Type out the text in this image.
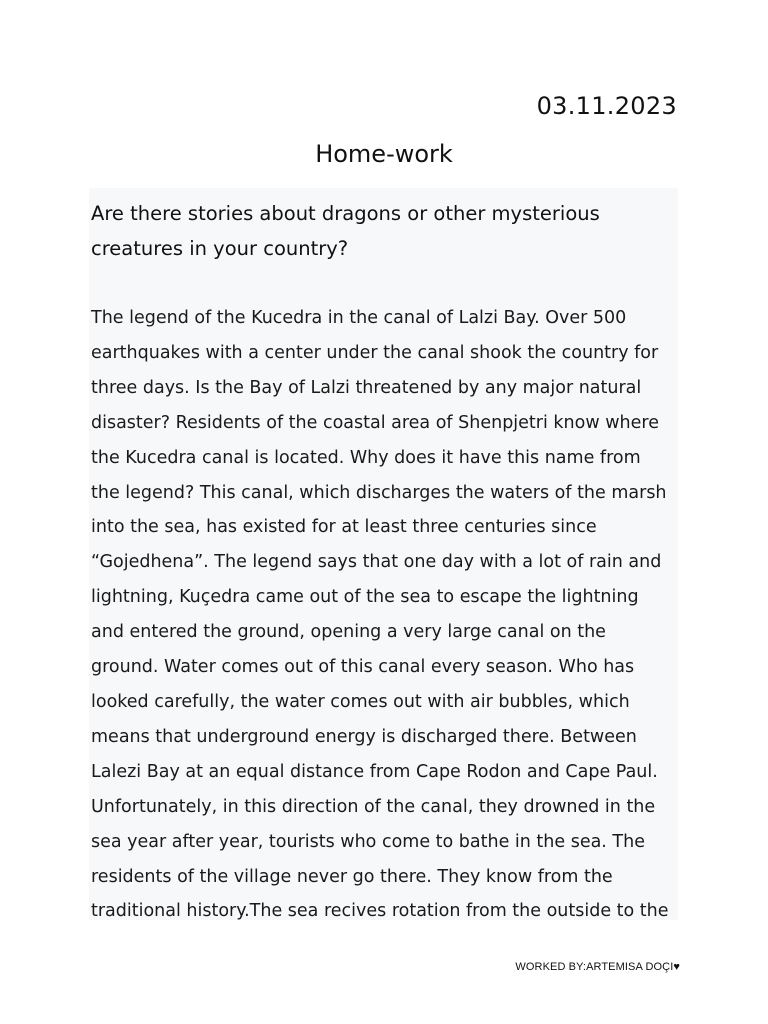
03.11.2023
Home-work

Are there stories about dragons or other mysterious
creatures in your country?

The legend of the Kucedra in the canal of Lalzi Bay. Over 500
earthquakes with a center under the canal shook the country for
three days. Is the Bay of Lalzi threatened by any major natural
disaster? Residents of the coastal area of Shenpjetri know where
the Kucedra canal is located. Why does it have this name from
the legend? This canal, which discharges the waters of the marsh
into the sea, has existed for at least three centuries since
“Gojedhena”. The legend says that one day with a lot of rain and
lightning, Kuçedra came out of the sea to escape the lightning
and entered the ground, opening a very large canal on the
ground. Water comes out of this canal every season. Who has
looked carefully, the water comes out with air bubbles, which
means that underground energy is discharged there. Between
Lalezi Bay at an equal distance from Cape Rodon and Cape Paul.
Unfortunately, in this direction of the canal, they drowned in the
sea year after year, tourists who come to bathe in the sea. The
residents of the village never go there. They know from the
traditional history.The sea recives rotation from the outside to the

WORKED BY:ARTEMISA DOÇI♥
